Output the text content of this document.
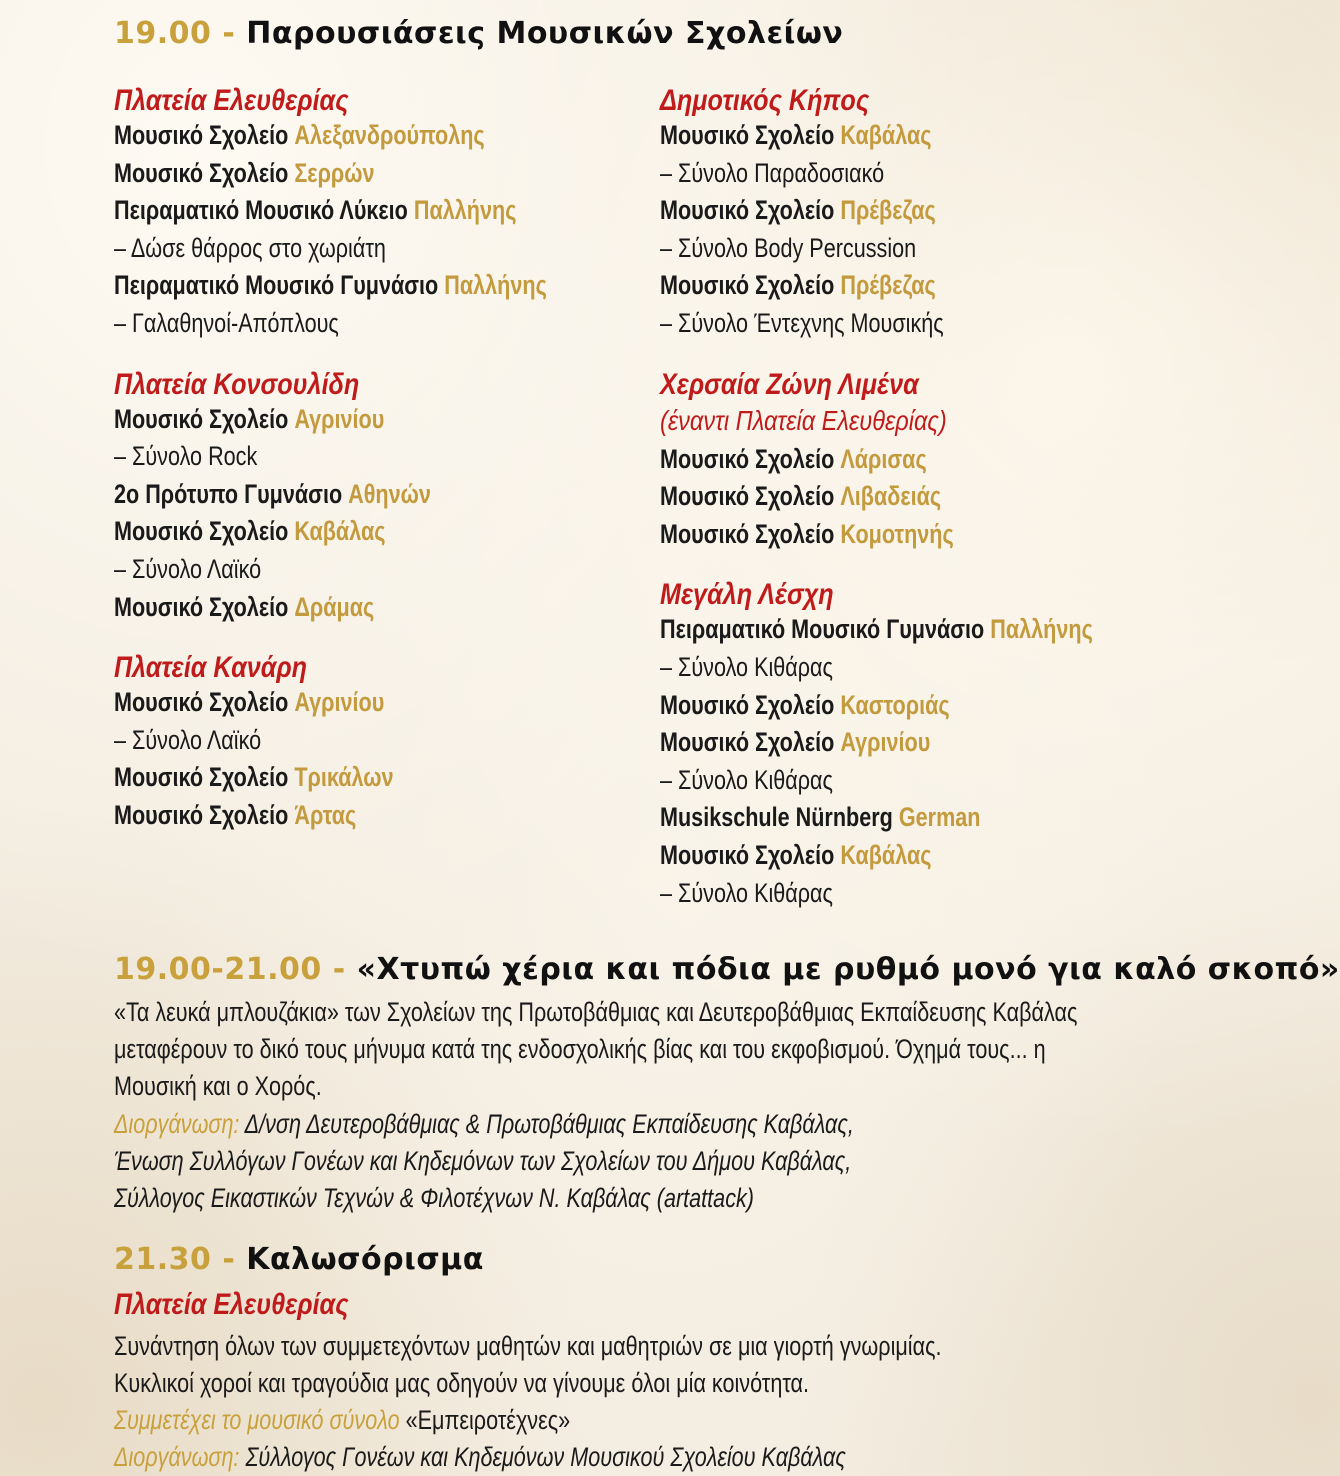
19.00 - Παρουσιάσεις Μουσικών Σχολείων
Πλατεία Ελευθερίας
Μουσικό Σχολείο Αλεξανδρούπολης
Μουσικό Σχολείο Σερρών
Πειραματικό Μουσικό Λύκειο Παλλήνης
– Δώσε θάρρος στο χωριάτη
Πειραματικό Μουσικό Γυμνάσιο Παλλήνης
– Γαλαθηνοί-Απόπλους
Πλατεία Κονσουλίδη
Μουσικό Σχολείο Αγρινίου
– Σύνολο Rock
2ο Πρότυπο Γυμνάσιο Αθηνών
Μουσικό Σχολείο Καβάλας
– Σύνολο Λαϊκό
Μουσικό Σχολείο Δράμας
Πλατεία Κανάρη
Μουσικό Σχολείο Αγρινίου
– Σύνολο Λαϊκό
Μουσικό Σχολείο Τρικάλων
Μουσικό Σχολείο Άρτας
Δημοτικός Κήπος
Μουσικό Σχολείο Καβάλας
– Σύνολο Παραδοσιακό
Μουσικό Σχολείο Πρέβεζας
– Σύνολο Body Percussion
Μουσικό Σχολείο Πρέβεζας
– Σύνολο Έντεχνης Μουσικής
Χερσαία Ζώνη Λιμένα
(έναντι Πλατεία Ελευθερίας)
Μουσικό Σχολείο Λάρισας
Μουσικό Σχολείο Λιβαδειάς
Μουσικό Σχολείο Κομοτηνής
Μεγάλη Λέσχη
Πειραματικό Μουσικό Γυμνάσιο Παλλήνης
– Σύνολο Κιθάρας
Μουσικό Σχολείο Καστοριάς
Μουσικό Σχολείο Αγρινίου
– Σύνολο Κιθάρας
Musikschule Nürnberg German
Μουσικό Σχολείο Καβάλας
– Σύνολο Κιθάρας
19.00-21.00 - «Χτυπώ χέρια και πόδια με ρυθμό μονό για καλό σκοπό»
«Τα λευκά μπλουζάκια» των Σχολείων της Πρωτοβάθμιας και Δευτεροβάθμιας Εκπαίδευσης Καβάλας
μεταφέρουν το δικό τους μήνυμα κατά της ενδοσχολικής βίας και του εκφοβισμού. Όχημά τους... η
Μουσική και ο Χορός.
Διοργάνωση: Δ/νση Δευτεροβάθμιας & Πρωτοβάθμιας Εκπαίδευσης Καβάλας,
Ένωση Συλλόγων Γονέων και Κηδεμόνων των Σχολείων του Δήμου Καβάλας,
Σύλλογος Εικαστικών Τεχνών & Φιλοτέχνων Ν. Καβάλας (artattack)
21.30 - Καλωσόρισμα
Πλατεία Ελευθερίας
Συνάντηση όλων των συμμετεχόντων μαθητών και μαθητριών σε μια γιορτή γνωριμίας.
Κυκλικοί χοροί και τραγούδια μας οδηγούν να γίνουμε όλοι μία κοινότητα.
Συμμετέχει το μουσικό σύνολο «Εμπειροτέχνες»
Διοργάνωση: Σύλλογος Γονέων και Κηδεμόνων Μουσικού Σχολείου Καβάλας
